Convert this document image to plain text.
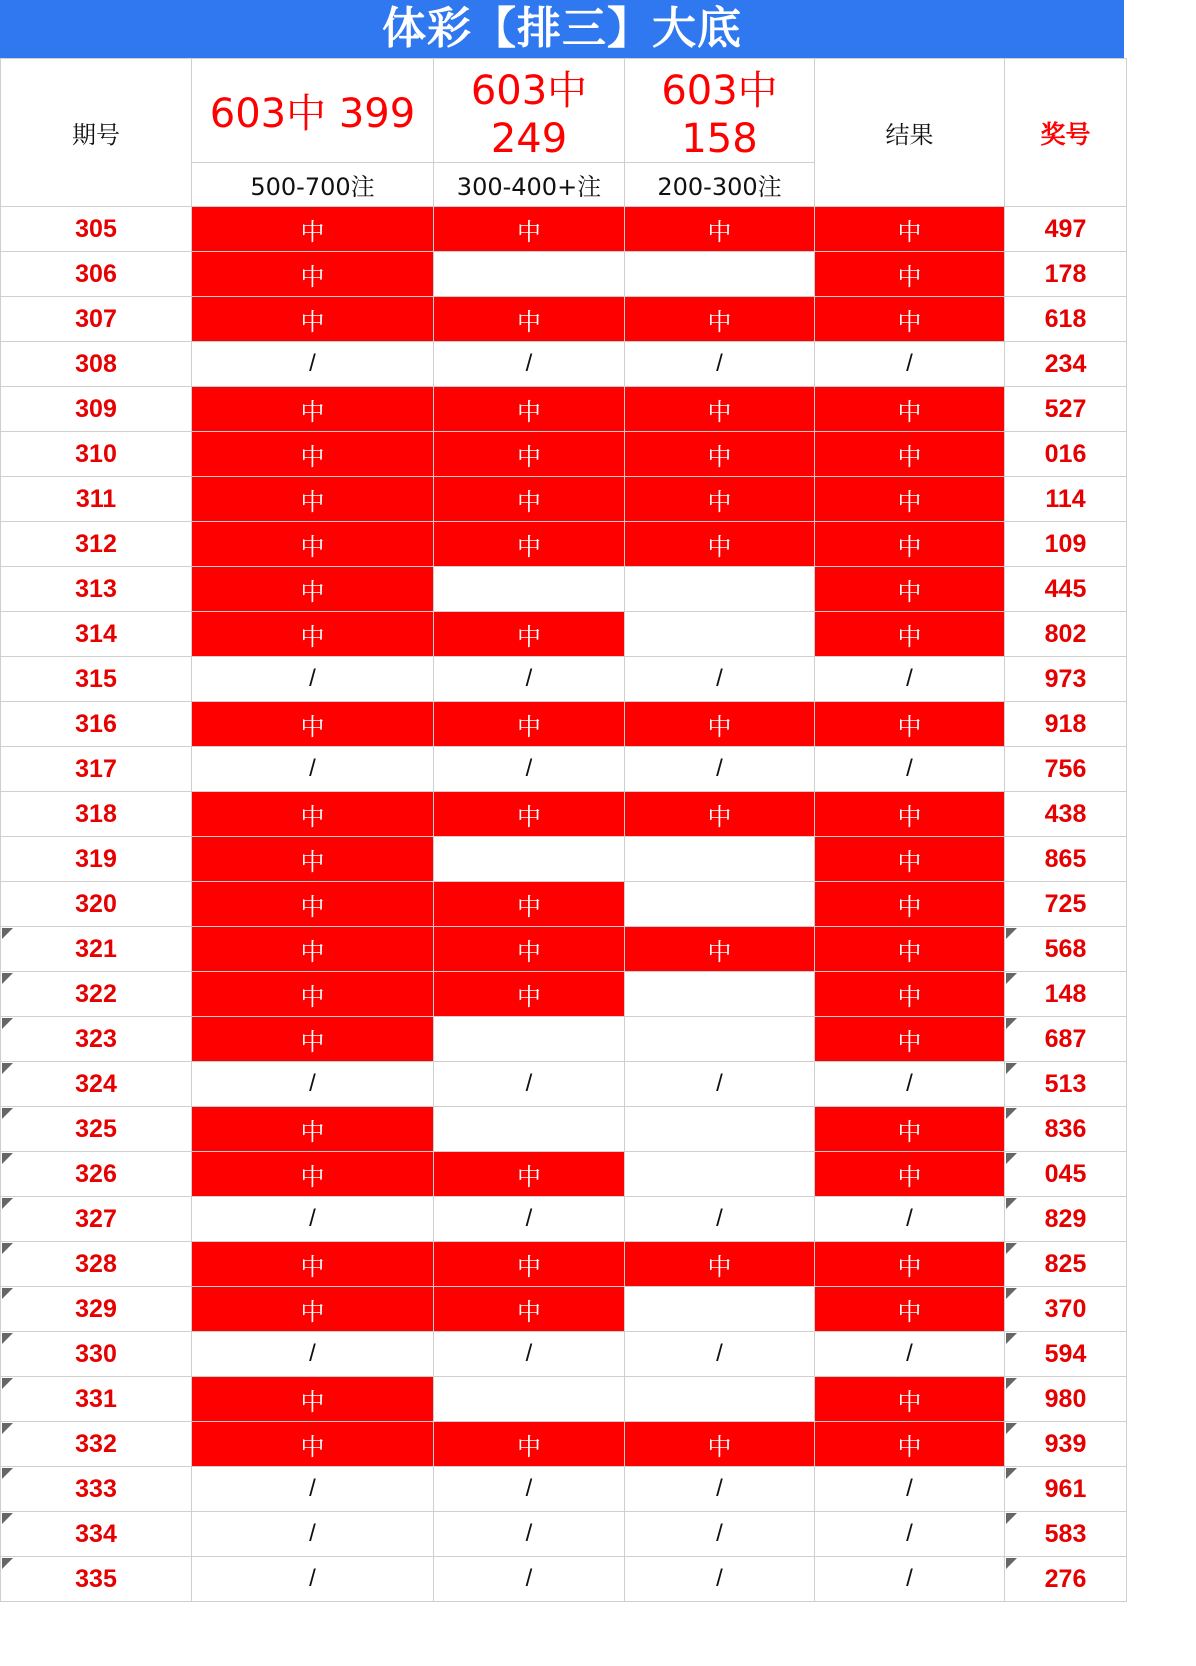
体彩【排三】大底
期号	603中 399	603中249	603中158	结果	奖号
	500-700注	300-400+注	200-300注		
305	中	中	中	中	497
306	中			中	178
307	中	中	中	中	618
308	/	/	/	/	234
309	中	中	中	中	527
310	中	中	中	中	016
311	中	中	中	中	114
312	中	中	中	中	109
313	中			中	445
314	中	中		中	802
315	/	/	/	/	973
316	中	中	中	中	918
317	/	/	/	/	756
318	中	中	中	中	438
319	中			中	865
320	中	中		中	725

321	中	中	中	中	568

322	中	中		中	148

323	中			中	687

324	/	/	/	/	513

325	中			中	836

326	中	中		中	045

327	/	/	/	/	829

328	中	中	中	中	825

329	中	中		中	370

330	/	/	/	/	594

331	中			中	980

332	中	中	中	中	939

333	/	/	/	/	961

334	/	/	/	/	583

335	/	/	/	/	276
